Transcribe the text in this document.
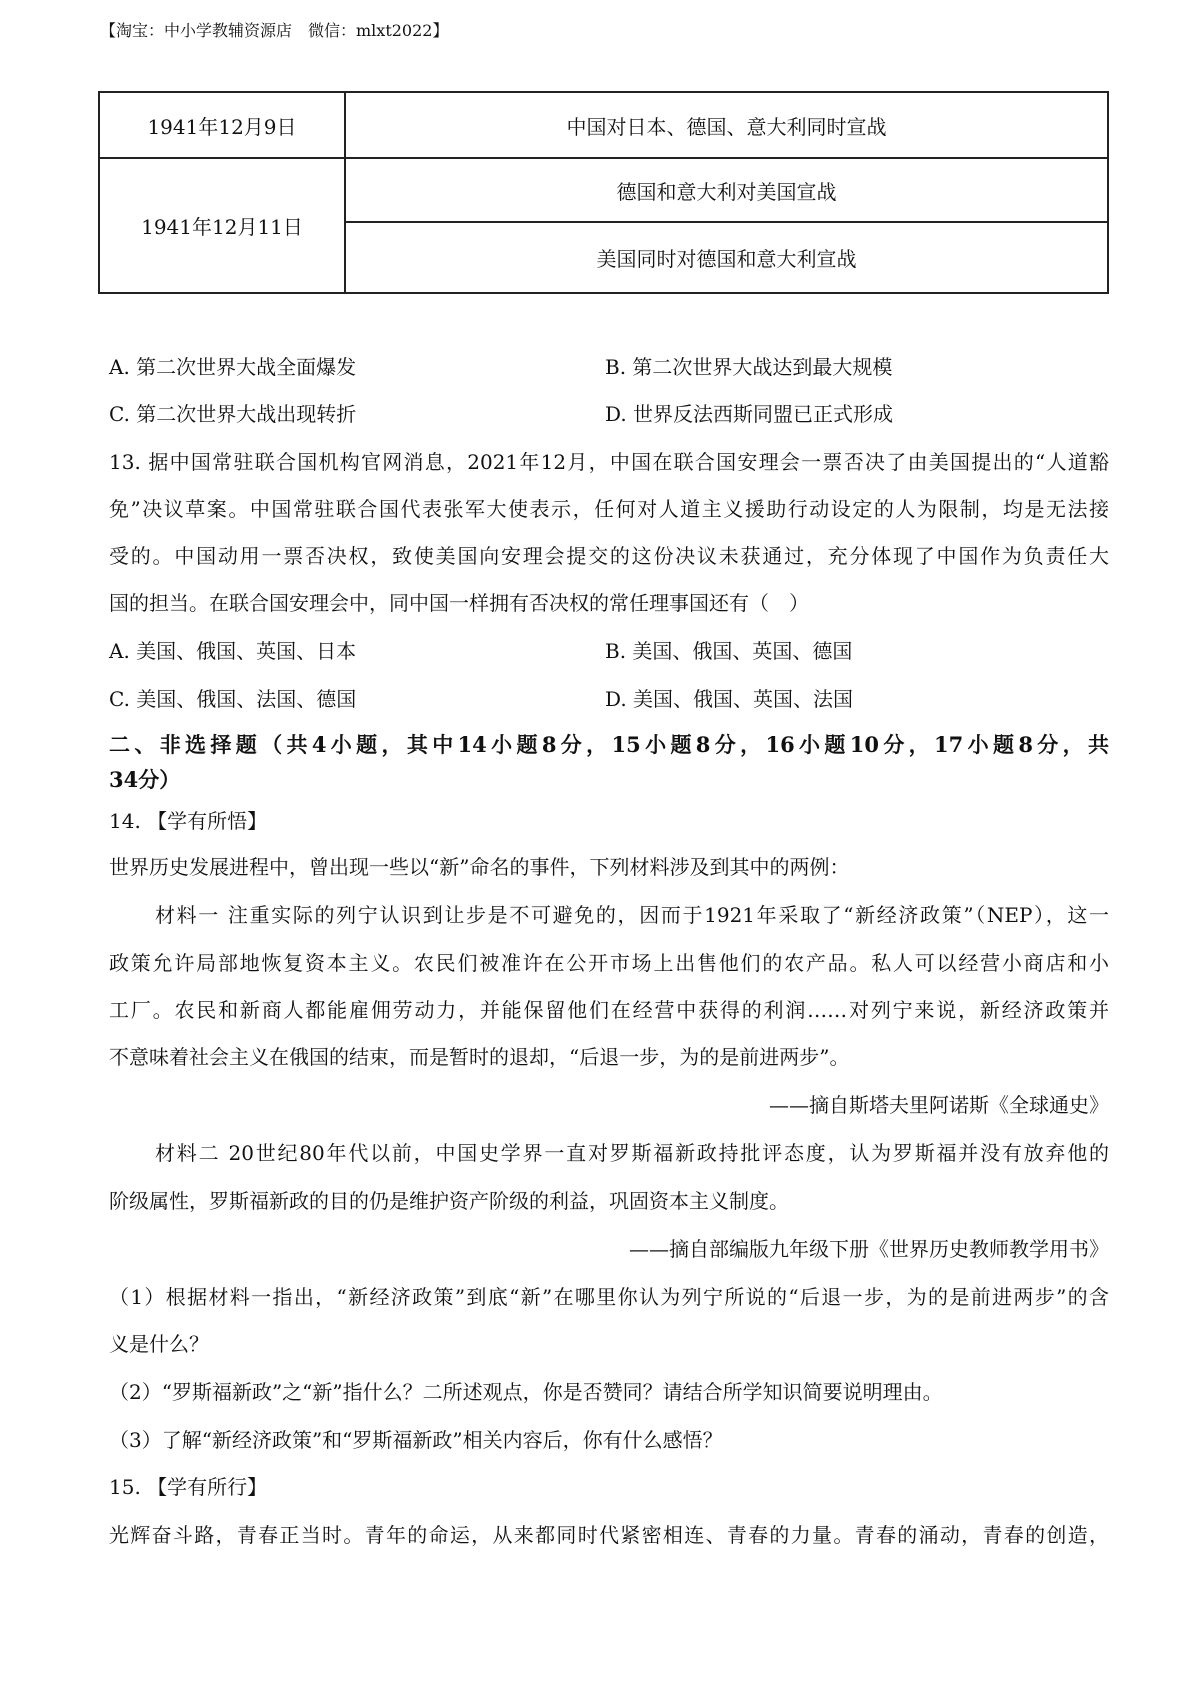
【淘宝：中小学教辅资源店　微信：mlxt2022】
1941年12月9日	中国对日本、德国、意大利同时宣战
1941年12月11日	德国和意大利对美国宣战
	美国同时对德国和意大利宣战
A. 第二次世界大战全面爆发	B. 第二次世界大战达到最大规模
C. 第二次世界大战出现转折	D. 世界反法西斯同盟已正式形成
13. 据中国常驻联合国机构官网消息，2021年12月，中国在联合国安理会一票否决了由美国提出的“人道豁
免”决议草案。中国常驻联合国代表张军大使表示，任何对人道主义援助行动设定的人为限制，均是无法接
受的。中国动用一票否决权，致使美国向安理会提交的这份决议未获通过，充分体现了中国作为负责任大
国的担当。在联合国安理会中，同中国一样拥有否决权的常任理事国还有（　）
A. 美国、俄国、英国、日本	B. 美国、俄国、英国、德国
C. 美国、俄国、法国、德国	D. 美国、俄国、英国、法国
二、非选择题（共4小题，其中14小题8分，15小题8分，16小题10分，17小题8分，共
34分）
14. 【学有所悟】
世界历史发展进程中，曾出现一些以“新”命名的事件，下列材料涉及到其中的两例：
材料一 注重实际的列宁认识到让步是不可避免的，因而于1921年采取了“新经济政策”（NEP），这一
政策允许局部地恢复资本主义。农民们被准许在公开市场上出售他们的农产品。私人可以经营小商店和小
工厂。农民和新商人都能雇佣劳动力，并能保留他们在经营中获得的利润……对列宁来说，新经济政策并
不意味着社会主义在俄国的结束，而是暂时的退却，“后退一步，为的是前进两步”。
——摘自斯塔夫里阿诺斯《全球通史》
材料二 20世纪80年代以前，中国史学界一直对罗斯福新政持批评态度，认为罗斯福并没有放弃他的
阶级属性，罗斯福新政的目的仍是维护资产阶级的利益，巩固资本主义制度。
——摘自部编版九年级下册《世界历史教师教学用书》
（1）根据材料一指出，“新经济政策”到底“新”在哪里你认为列宁所说的“后退一步，为的是前进两步”的含
义是什么？
（2）“罗斯福新政”之“新”指什么？二所述观点，你是否赞同？请结合所学知识简要说明理由。
（3）了解“新经济政策”和“罗斯福新政”相关内容后，你有什么感悟？
15. 【学有所行】
光辉奋斗路，青春正当时。青年的命运，从来都同时代紧密相连、青春的力量。青春的涌动，青春的创造，
